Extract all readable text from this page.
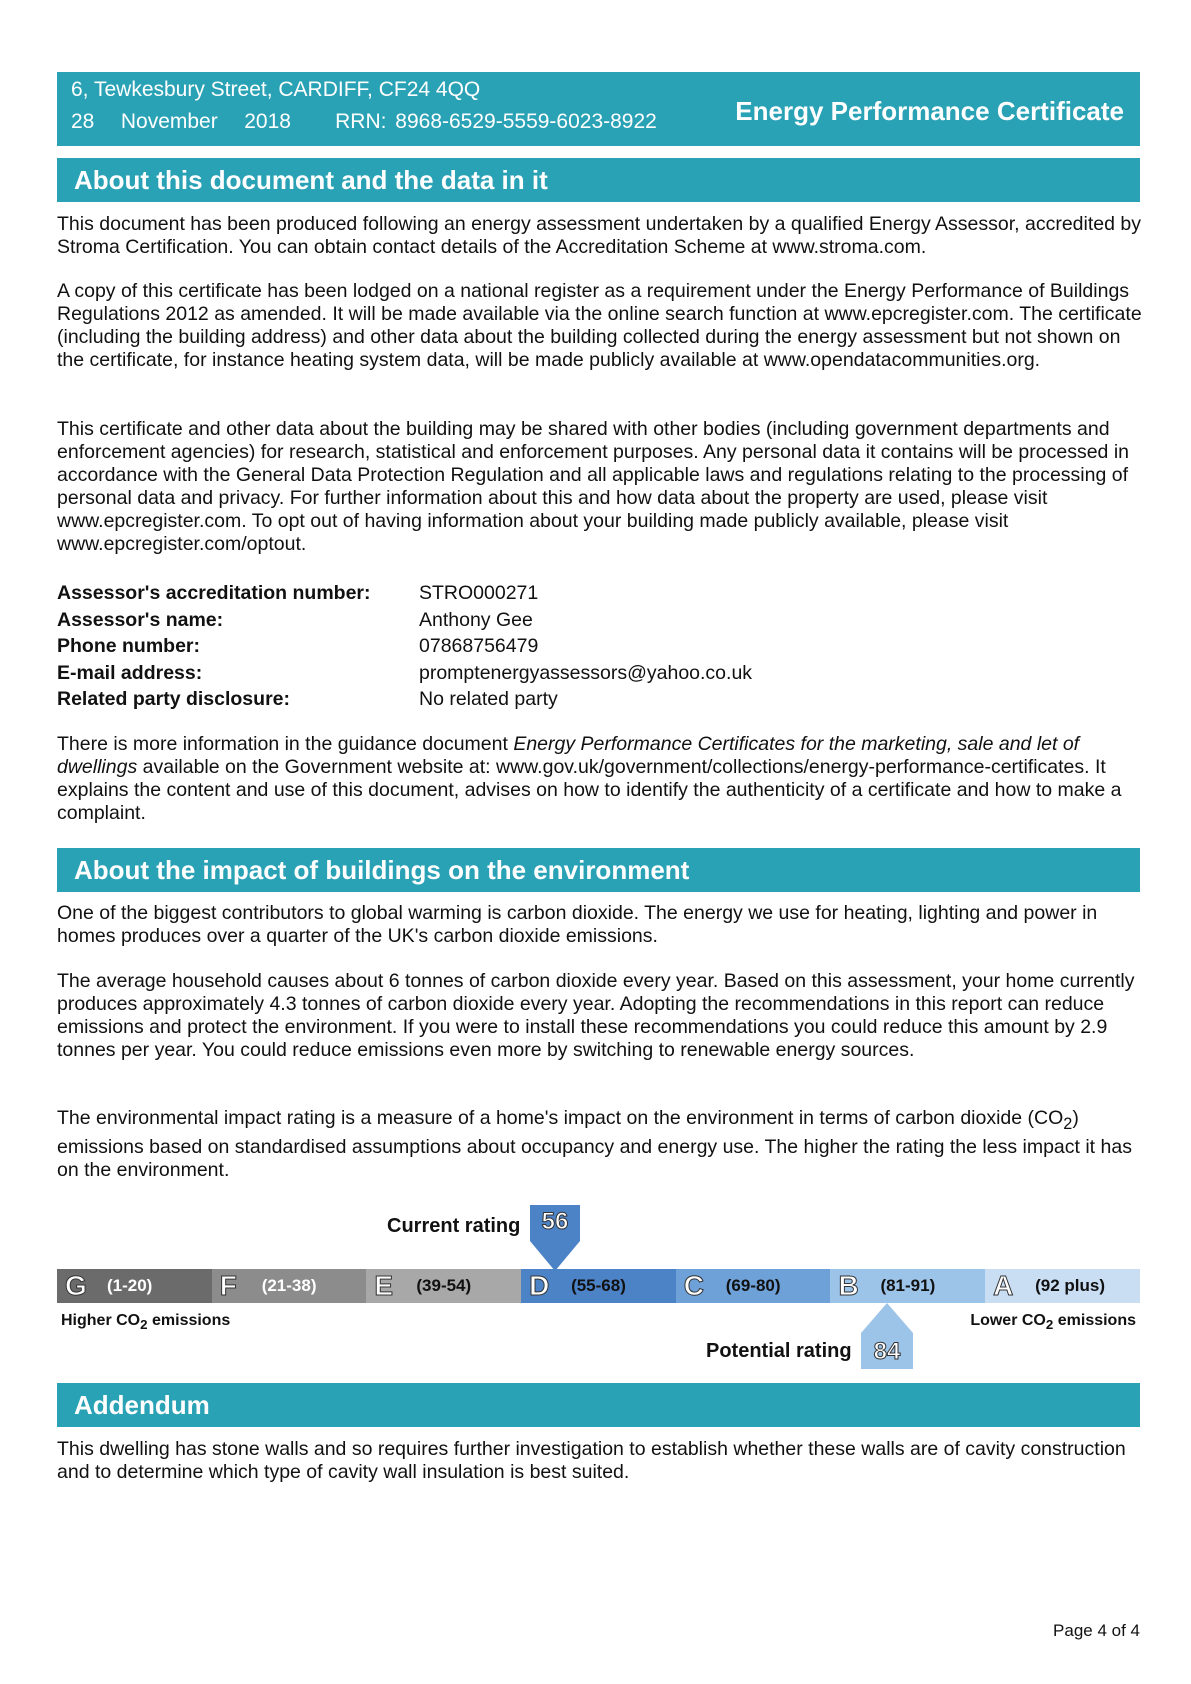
6, Tewkesbury Street, CARDIFF, CF24 4QQ
28   November   2018     RRN: 8968-6529-5559-6023-8922	Energy Performance Certificate
About this document and the data in it

This document has been produced following an energy assessment undertaken by a qualified Energy Assessor, accredited by Stroma Certification. You can obtain contact details of the Accreditation Scheme at www.stroma.com.

A copy of this certificate has been lodged on a national register as a requirement under the Energy Performance of Buildings Regulations 2012 as amended. It will be made available via the online search function at www.epcregister.com. The certificate (including the building address) and other data about the building collected during the energy assessment but not shown on the certificate, for instance heating system data, will be made publicly available at www.opendatacommunities.org.

This certificate and other data about the building may be shared with other bodies (including government departments and enforcement agencies) for research, statistical and enforcement purposes. Any personal data it contains will be processed in accordance with the General Data Protection Regulation and all applicable laws and regulations relating to the processing of personal data and privacy. For further information about this and how data about the property are used, please visit www.epcregister.com. To opt out of having information about your building made publicly available, please visit www.epcregister.com/optout.

Assessor's accreditation number:	STRO000271
Assessor's name:	Anthony Gee
Phone number:	07868756479
E-mail address:	promptenergyassessors@yahoo.co.uk
Related party disclosure:	No related party

There is more information in the guidance document Energy Performance Certificates for the marketing, sale and let of dwellings available on the Government website at: www.gov.uk/government/collections/energy-performance-certificates. It explains the content and use of this document, advises on how to identify the authenticity of a certificate and how to make a complaint.

About the impact of buildings on the environment

One of the biggest contributors to global warming is carbon dioxide. The energy we use for heating, lighting and power in homes produces over a quarter of the UK's carbon dioxide emissions.

The average household causes about 6 tonnes of carbon dioxide every year. Based on this assessment, your home currently produces approximately 4.3 tonnes of carbon dioxide every year. Adopting the recommendations in this report can reduce emissions and protect the environment. If you were to install these recommendations you could reduce this amount by 2.9 tonnes per year. You could reduce emissions even more by switching to renewable energy sources.

The environmental impact rating is a measure of a home's impact on the environment in terms of carbon dioxide $(CO_2)$ emissions based on standardised assumptions about occupancy and energy use. The higher the rating the less impact it has on the environment.

Current rating 56
G (1-20) F (21-38) E (39-54) D (55-68) C (69-80) B (81-91) A (92 plus)
Higher $CO_2$ emissions	Lower $CO_2$ emissions
84
Potential rating
Addendum

This dwelling has stone walls and so requires further investigation to establish whether these walls are of cavity construction and to determine which type of cavity wall insulation is best suited.

Page 4 of 4
